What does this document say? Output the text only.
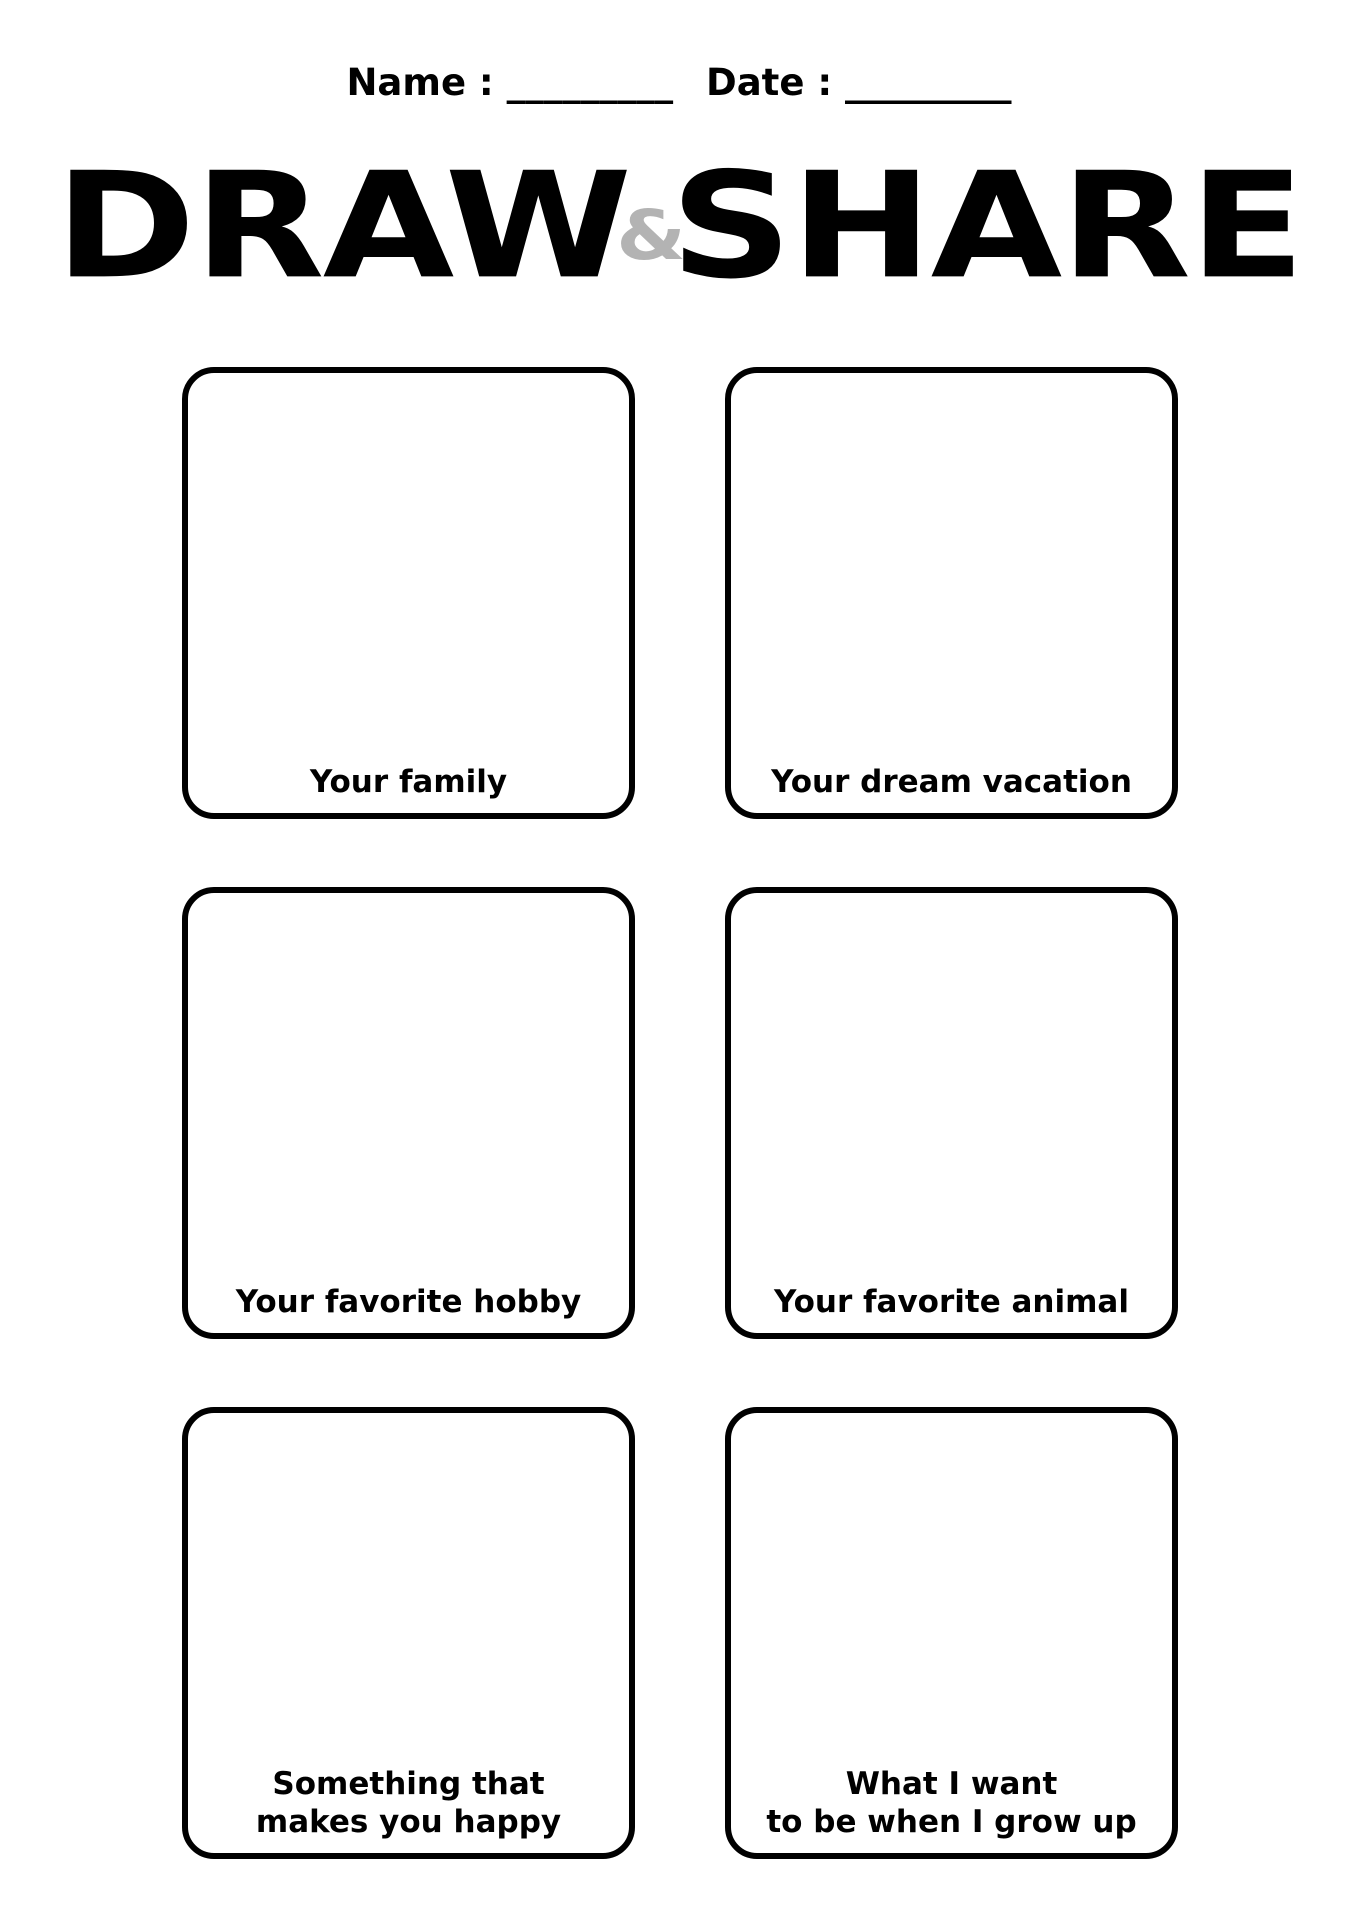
Name : _________ Date : _________
DRAW&SHARE
Your family	Your dream vacation
Your favorite hobby	Your favorite animal
Something that
makes you happy
What I want
to be when I grow up
